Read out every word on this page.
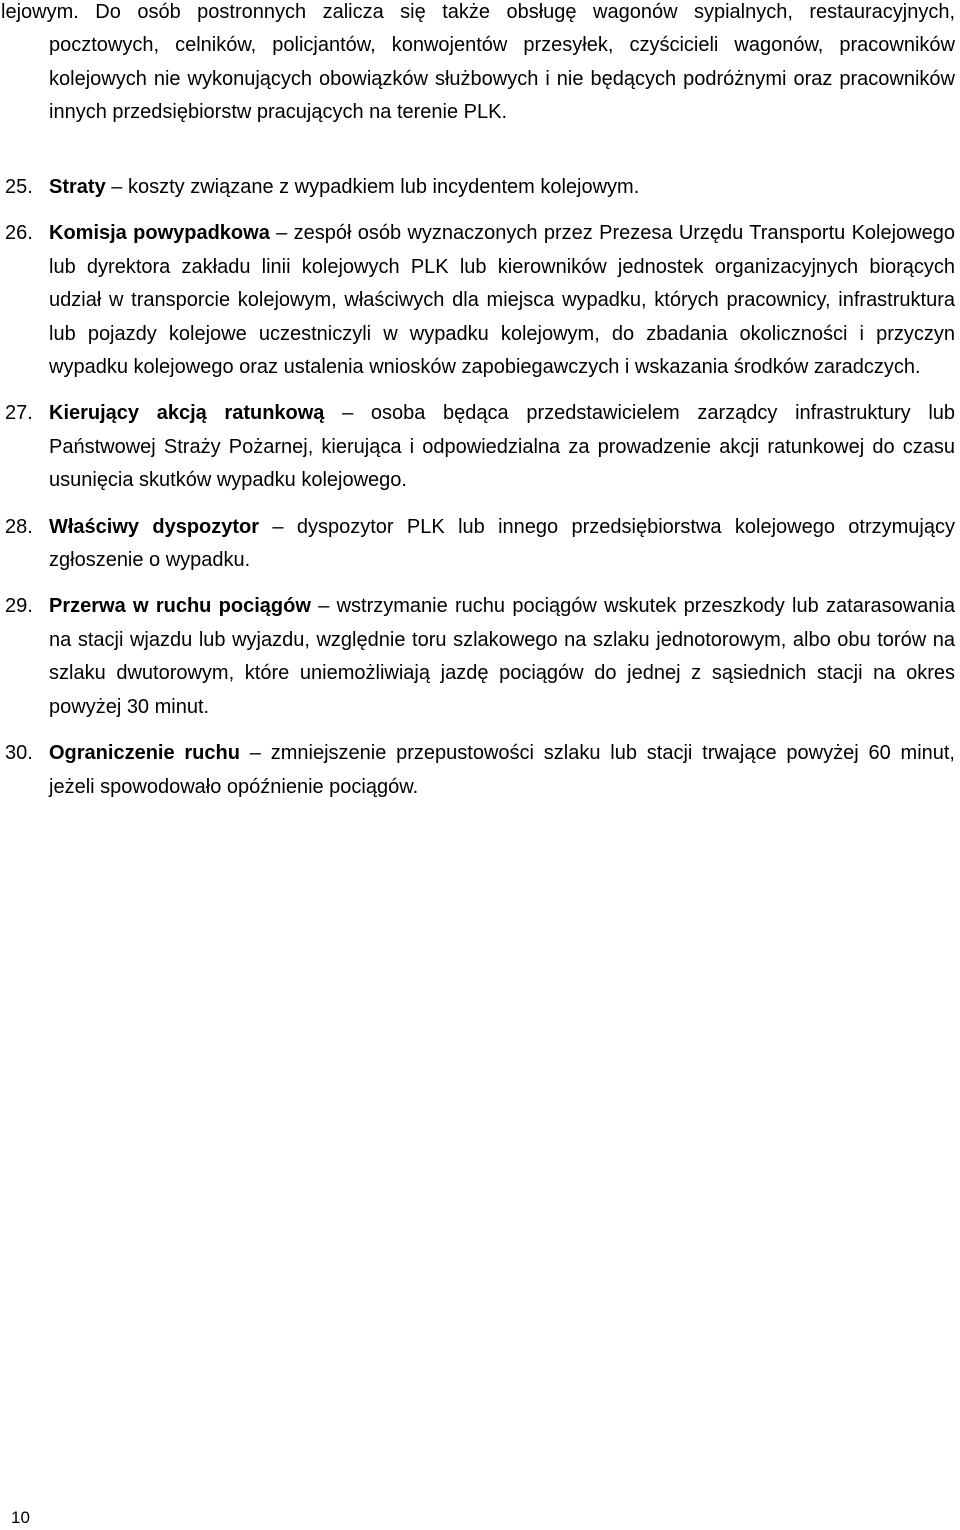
lejowym. Do osób postronnych zalicza się także obsługę wagonów sypialnych, restauracyjnych, pocztowych, celników, policjantów, konwojentów przesyłek, czyścicieli wagonów, pracowników kolejowych nie wykonujących obowiązków służbowych i nie będących podróżnymi oraz pracowników innych przedsiębiorstw pracujących na terenie PLK.

25. Straty – koszty związane z wypadkiem lub incydentem kolejowym.

26. Komisja powypadkowa – zespół osób wyznaczonych przez Prezesa Urzędu Transportu Kolejowego lub dyrektora zakładu linii kolejowych PLK lub kierowników jednostek organizacyjnych biorących udział w transporcie kolejowym, właściwych dla miejsca wypadku, których pracownicy, infrastruktura lub pojazdy kolejowe uczestniczyli w wypadku kolejowym, do zbadania okoliczności i przyczyn wypadku kolejowego oraz ustalenia wniosków zapobiegawczych i wskazania środków zaradczych.

27. Kierujący akcją ratunkową – osoba będąca przedstawicielem zarządcy infrastruktury lub Państwowej Straży Pożarnej, kierująca i odpowiedzialna za prowadzenie akcji ratunkowej do czasu usunięcia skutków wypadku kolejowego.

28. Właściwy dyspozytor – dyspozytor PLK lub innego przedsiębiorstwa kolejowego otrzymujący zgłoszenie o wypadku.

29. Przerwa w ruchu pociągów – wstrzymanie ruchu pociągów wskutek przeszkody lub zatarasowania na stacji wjazdu lub wyjazdu, względnie toru szlakowego na szlaku jednotorowym, albo obu torów na szlaku dwutorowym, które uniemożliwiają jazdę pociągów do jednej z sąsiednich stacji na okres powyżej 30 minut.

30. Ograniczenie ruchu – zmniejszenie przepustowości szlaku lub stacji trwające powyżej 60 minut, jeżeli spowodowało opóźnienie pociągów.

10
